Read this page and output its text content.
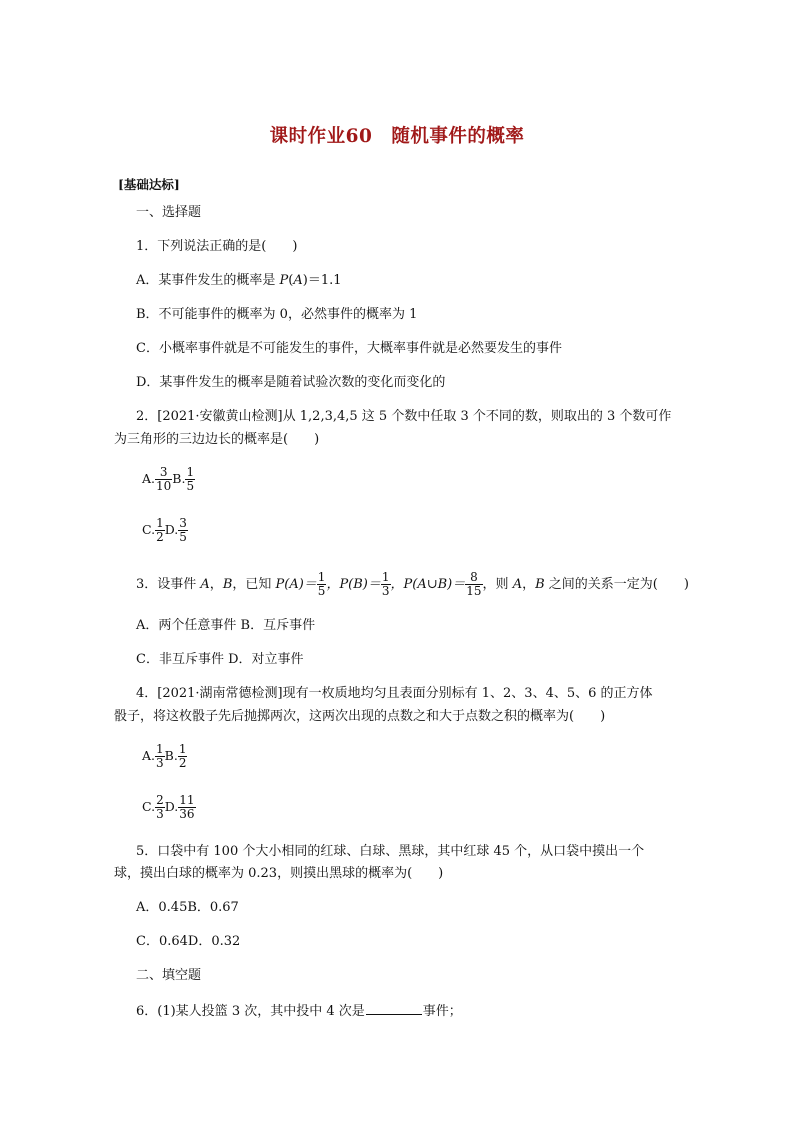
课时作业60　随机事件的概率
[基础达标]
一、选择题
1．下列说法正确的是(　　)
A．某事件发生的概率是 P(A)＝1.1
B．不可能事件的概率为 0，必然事件的概率为 1
C．小概率事件就是不可能发生的事件，大概率事件就是必然要发生的事件
D．某事件发生的概率是随着试验次数的变化而变化的
2．[2021·安徽黄山检测]从 1,2,3,4,5 这 5 个数中任取 3 个不同的数，则取出的 3 个数可作
为三角形的三边边长的概率是(　　)
A. $\frac{3}{10} B$. $\frac{1}{5}$
C. $\frac{1}{2} D$. $\frac{3}{5}$
3．设事件 A，B，已知 $P(A)= \frac{1}{5}$ ，$P(B)= \frac{1}{3}$ ，P(A∪B)＝ $\frac{8}{15}$ ，则 A，B 之间的关系一定为(　　)
A．两个任意事件 B．互斥事件
C．非互斥事件 D．对立事件
4．[2021·湖南常德检测]现有一枚质地均匀且表面分别标有 1、2、3、4、5、6 的正方体
骰子，将这枚骰子先后抛掷两次，这两次出现的点数之和大于点数之积的概率为(　　)
A. $\frac{1}{3} B$. $\frac{1}{2}$
C. $\frac{2}{3} D$. $\frac{11}{36}$
5．口袋中有 100 个大小相同的红球、白球、黑球，其中红球 45 个，从口袋中摸出一个
球，摸出白球的概率为 0.23，则摸出黑球的概率为(　　)
A．0.45B．0.67
C．0.64D．0.32
二、填空题
6．(1)某人投篮 3 次，其中投中 4 次是	事件；
